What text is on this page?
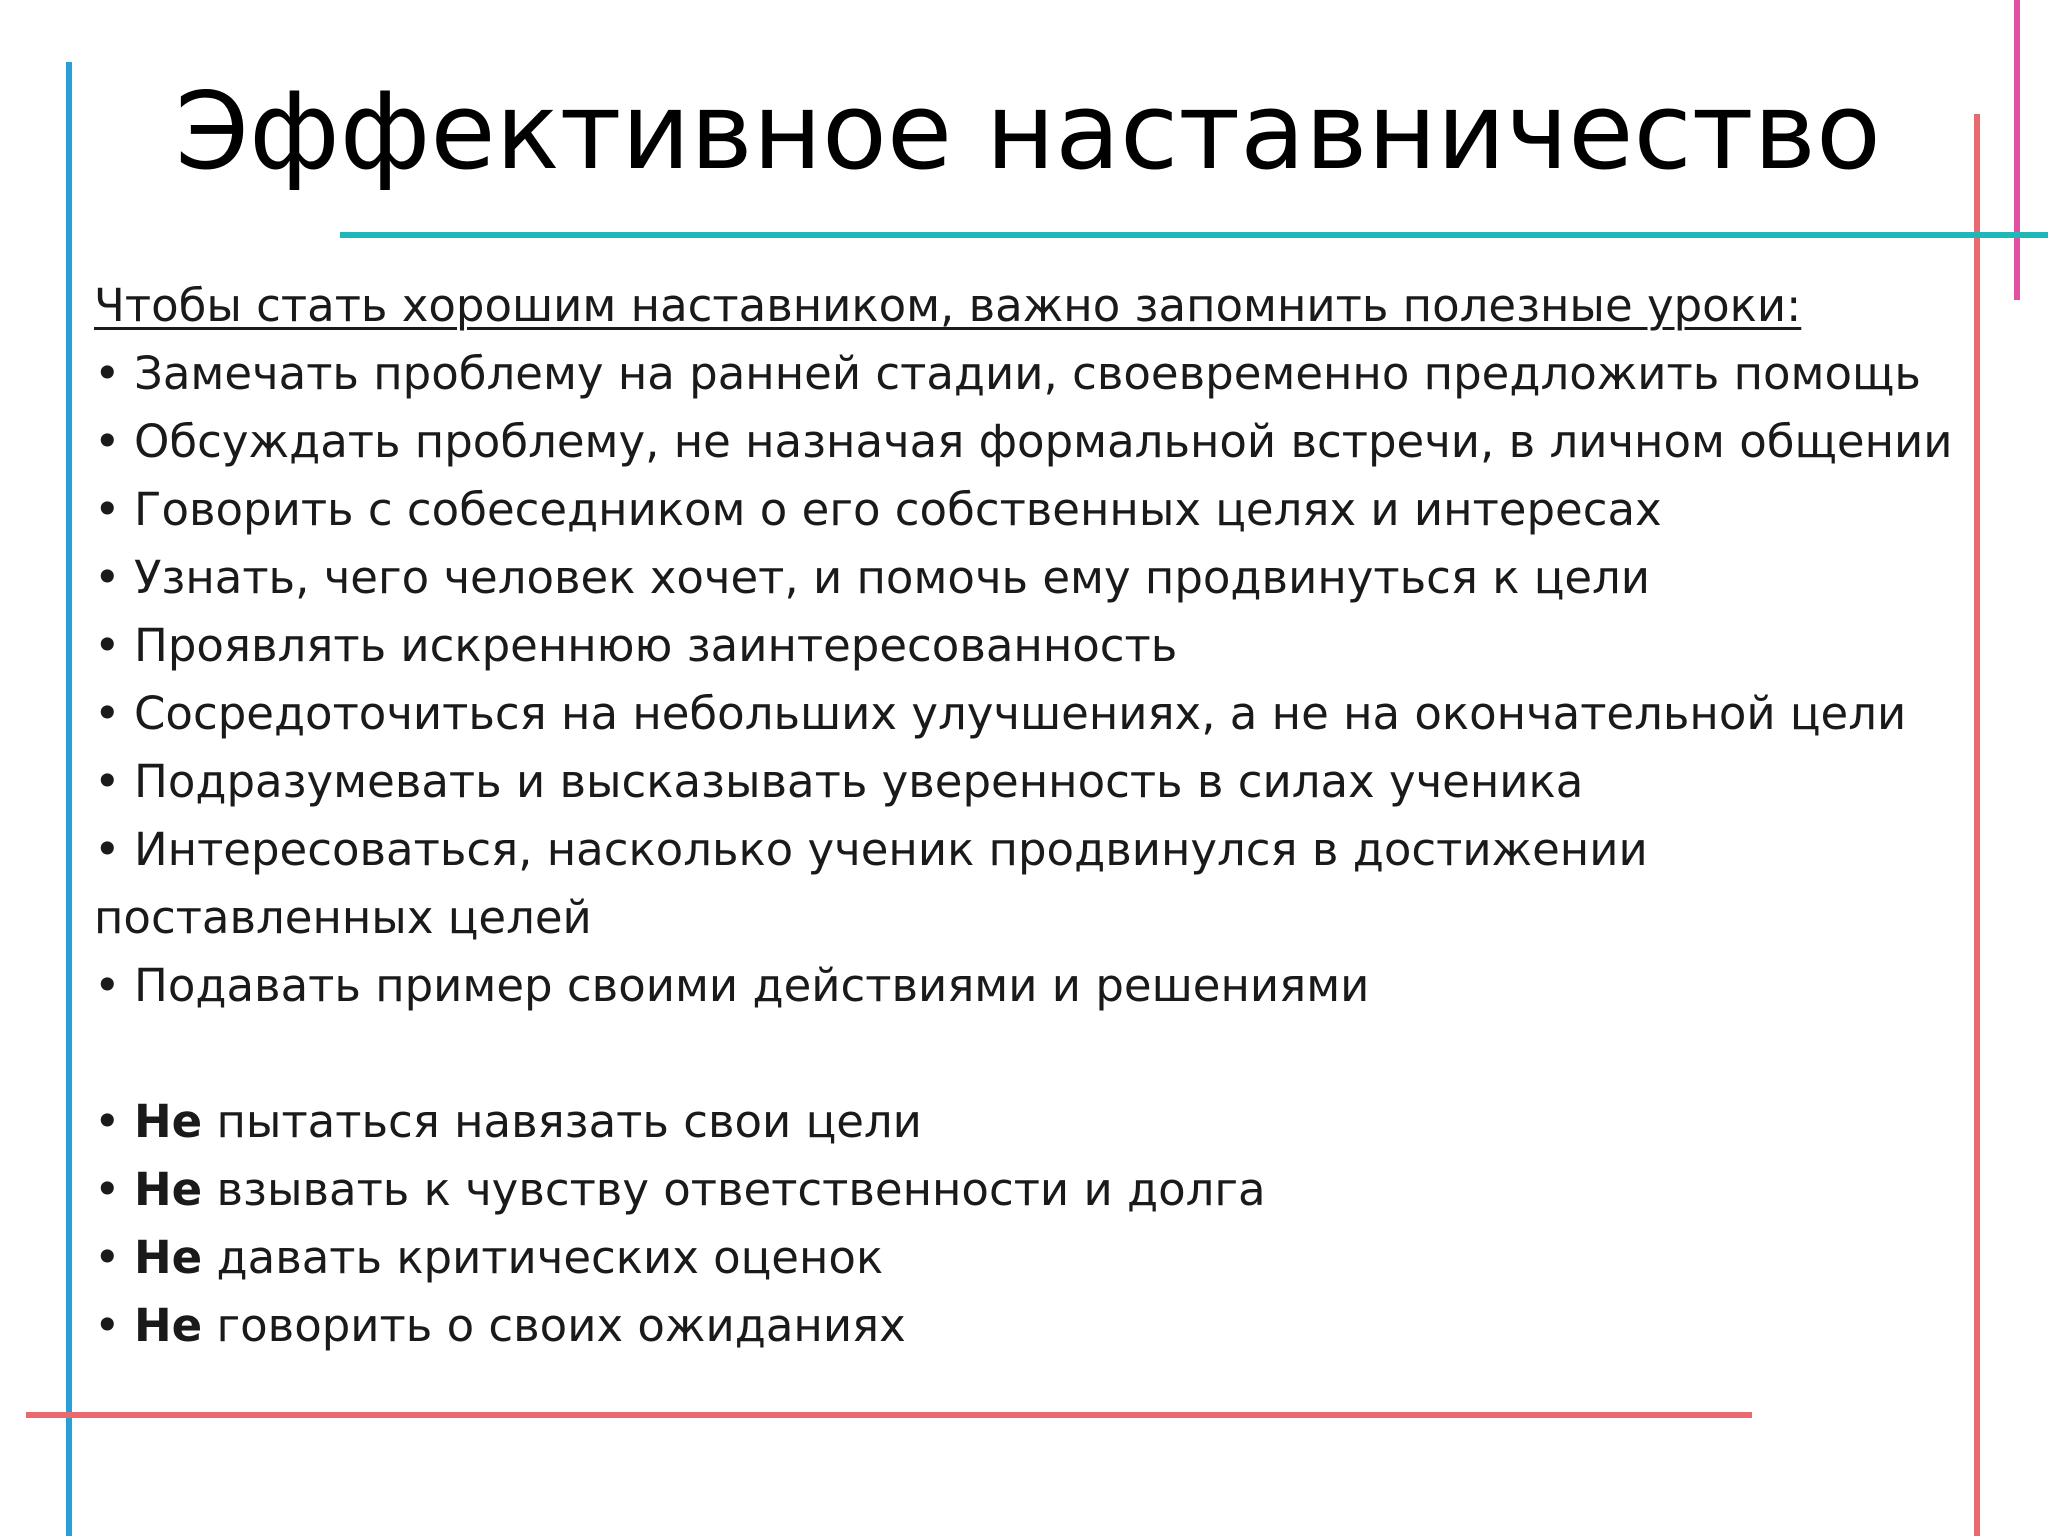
Эффективное наставничество
Чтобы стать хорошим наставником, важно запомнить полезные уроки:
• Замечать проблему на ранней стадии, своевременно предложить помощь
• Обсуждать проблему, не назначая формальной встречи, в личном общении
• Говорить с собеседником о его собственных целях и интересах
• Узнать, чего человек хочет, и помочь ему продвинуться к цели
• Проявлять искреннюю заинтересованность
• Сосредоточиться на небольших улучшениях, а не на окончательной цели
• Подразумевать и высказывать уверенность в силах ученика
• Интересоваться, насколько ученик продвинулся в достижении поставленных целей
• Подавать пример своими действиями и решениями
• Не пытаться навязать свои цели
• Не взывать к чувству ответственности и долга
• Не давать критических оценок
• Не говорить о своих ожиданиях
